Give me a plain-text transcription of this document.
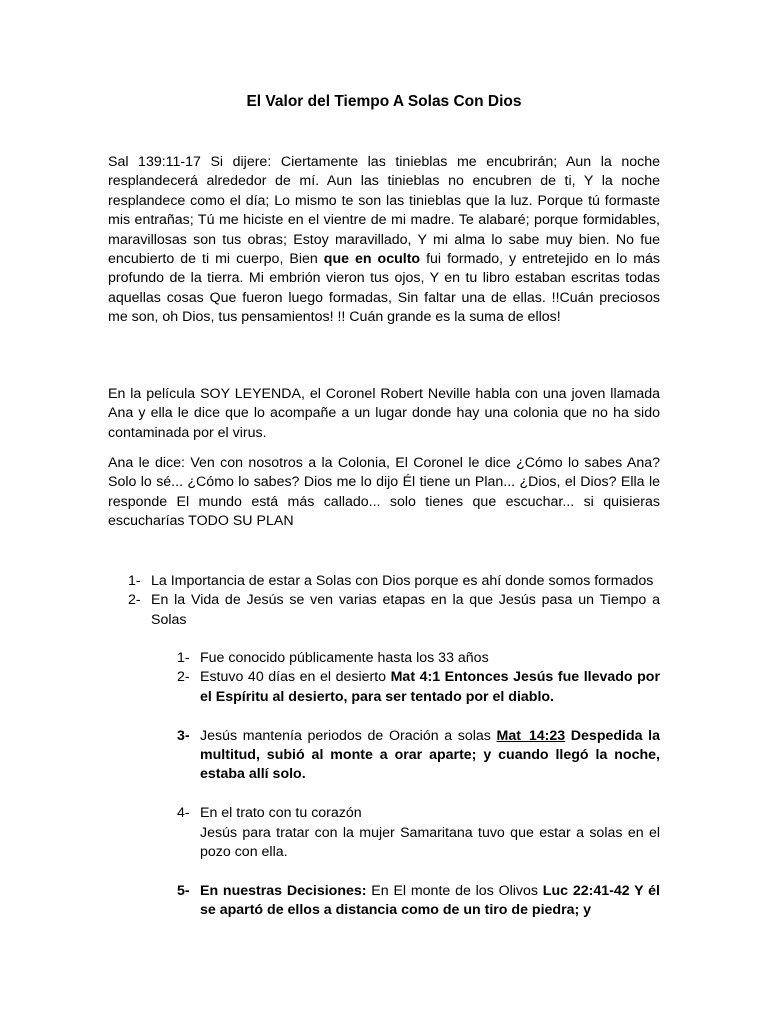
El Valor del Tiempo A Solas Con Dios
Sal 139:11-17 Si dijere: Ciertamente las tinieblas me encubrirán; Aun la noche resplandecerá alrededor de mí. Aun las tinieblas no encubren de ti, Y la noche resplandece como el día; Lo mismo te son las tinieblas que la luz. Porque tú formaste mis entrañas; Tú me hiciste en el vientre de mi madre. Te alabaré; porque formidables, maravillosas son tus obras; Estoy maravillado, Y mi alma lo sabe muy bien. No fue encubierto de ti mi cuerpo, Bien que en oculto fui formado, y entretejido en lo más profundo de la tierra. Mi embrión vieron tus ojos, Y en tu libro estaban escritas todas aquellas cosas Que fueron luego formadas, Sin faltar una de ellas. !!Cuán preciosos me son, oh Dios, tus pensamientos! !! Cuán grande es la suma de ellos!
En la película SOY LEYENDA, el Coronel Robert Neville habla con una joven llamada Ana y ella le dice que lo acompañe a un lugar donde hay una colonia que no ha sido contaminada por el virus.
Ana le dice: Ven con nosotros a la Colonia, El Coronel le dice ¿Cómo lo sabes Ana? Solo lo sé... ¿Cómo lo sabes? Dios me lo dijo Él tiene un Plan... ¿Dios, el Dios? Ella le responde El mundo está más callado... solo tienes que escuchar... si quisieras escucharías TODO SU PLAN
1- La Importancia de estar a Solas con Dios porque es ahí donde somos formados
2- En la Vida de Jesús se ven varias etapas en la que Jesús pasa un Tiempo a Solas
1- Fue conocido públicamente hasta los 33 años
2- Estuvo 40 días en el desierto Mat 4:1 Entonces Jesús fue llevado por el Espíritu al desierto, para ser tentado por el diablo.
3- Jesús mantenía periodos de Oración a solas Mat_14:23 Despedida la multitud, subió al monte a orar aparte; y cuando llegó la noche, estaba allí solo.
4- En el trato con tu corazón
Jesús para tratar con la mujer Samaritana tuvo que estar a solas en el pozo con ella.
5- En nuestras Decisiones: En El monte de los Olivos Luc 22:41-42 Y él se apartó de ellos a distancia como de un tiro de piedra; y
